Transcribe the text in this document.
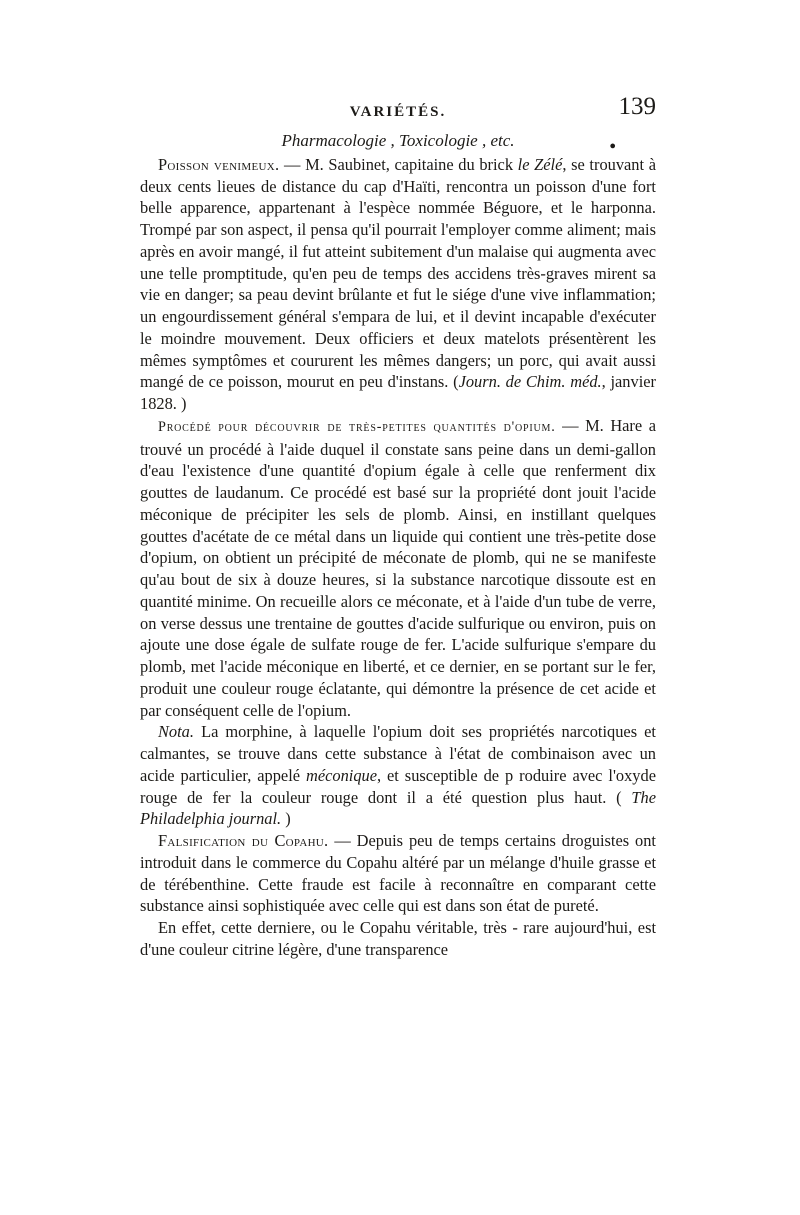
VARIÉTÉS.	139
Pharmacologie , Toxicologie , etc.	●

Poisson venimeux. — M. Saubinet, capitaine du brick le Zélé, se trouvant à deux cents lieues de distance du cap d'Haïti, rencontra un poisson d'une fort belle apparence, appartenant à l'espèce nommée Béguore, et le harponna. Trompé par son aspect, il pensa qu'il pourrait l'employer comme aliment; mais après en avoir mangé, il fut atteint subitement d'un malaise qui augmenta avec une telle promptitude, qu'en peu de temps des accidens très-graves mirent sa vie en danger; sa peau devint brûlante et fut le siége d'une vive inflammation; un engourdissement général s'empara de lui, et il devint incapable d'exécuter le moindre mouvement. Deux officiers et deux matelots présentèrent les mêmes symptômes et coururent les mêmes dangers; un porc, qui avait aussi mangé de ce poisson, mourut en peu d'instans. (Journ. de Chim. méd., janvier 1828. )

Procédé pour découvrir de très-petites quantités d'opium. — M. Hare a trouvé un procédé à l'aide duquel il constate sans peine dans un demi-gallon d'eau l'existence d'une quantité d'opium égale à celle que renferment dix gouttes de laudanum. Ce procédé est basé sur la propriété dont jouit l'acide méconique de précipiter les sels de plomb. Ainsi, en instillant quelques gouttes d'acétate de ce métal dans un liquide qui contient une très-petite dose d'opium, on obtient un précipité de méconate de plomb, qui ne se manifeste qu'au bout de six à douze heures, si la substance narcotique dissoute est en quantité minime. On recueille alors ce méconate, et à l'aide d'un tube de verre, on verse dessus une trentaine de gouttes d'acide sulfurique ou environ, puis on ajoute une dose égale de sulfate rouge de fer. L'acide sulfurique s'empare du plomb, met l'acide méconique en liberté, et ce dernier, en se portant sur le fer, produit une couleur rouge éclatante, qui démontre la présence de cet acide et par conséquent celle de l'opium.

Nota. La morphine, à laquelle l'opium doit ses propriétés narcotiques et calmantes, se trouve dans cette substance à l'état de combinaison avec un acide particulier, appelé méconique, et susceptible de p roduire avec l'oxyde rouge de fer la couleur rouge dont il a été question plus haut. ( The Philadelphia journal. )

Falsification du Copahu. — Depuis peu de temps certains droguistes ont introduit dans le commerce du Copahu altéré par un mélange d'huile grasse et de térébenthine. Cette fraude est facile à reconnaître en comparant cette substance ainsi sophistiquée avec celle qui est dans son état de pureté.

En effet, cette derniere, ou le Copahu véritable, très - rare aujourd'hui, est d'une couleur citrine légère, d'une transparence
